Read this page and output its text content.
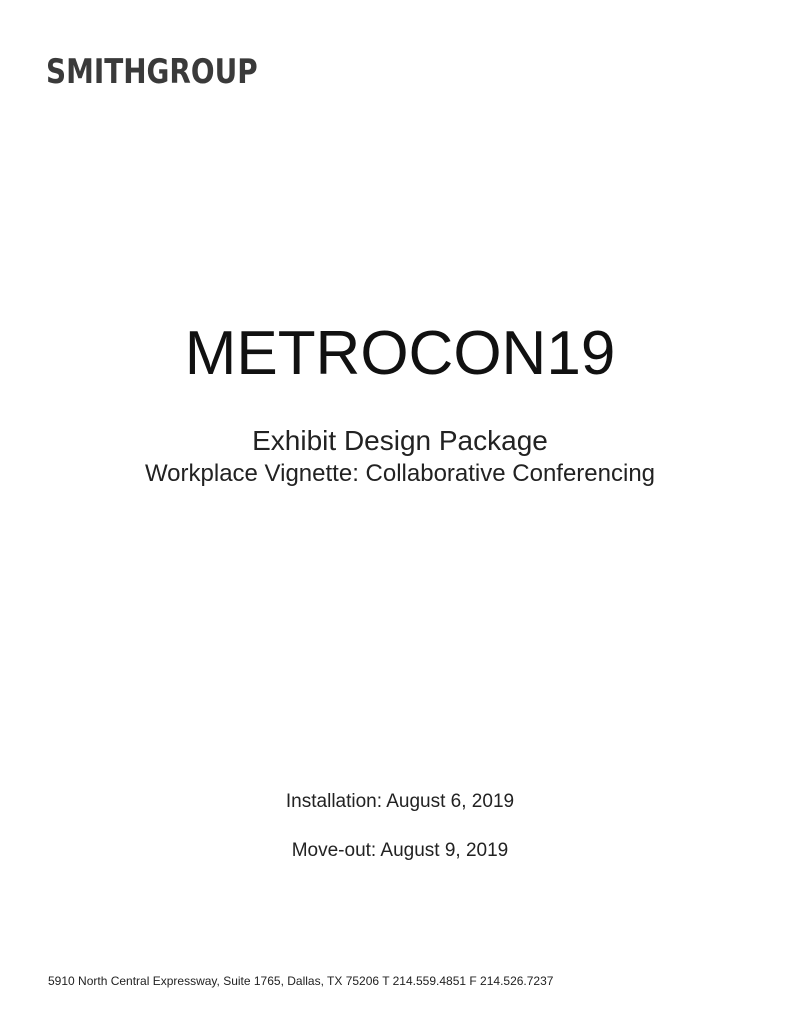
SMITHGROUP
METROCON19
Exhibit Design Package
Workplace Vignette: Collaborative Conferencing
Installation: August 6, 2019
Move-out: August 9, 2019
5910 North Central Expressway, Suite 1765, Dallas, TX 75206 T 214.559.4851 F 214.526.7237
